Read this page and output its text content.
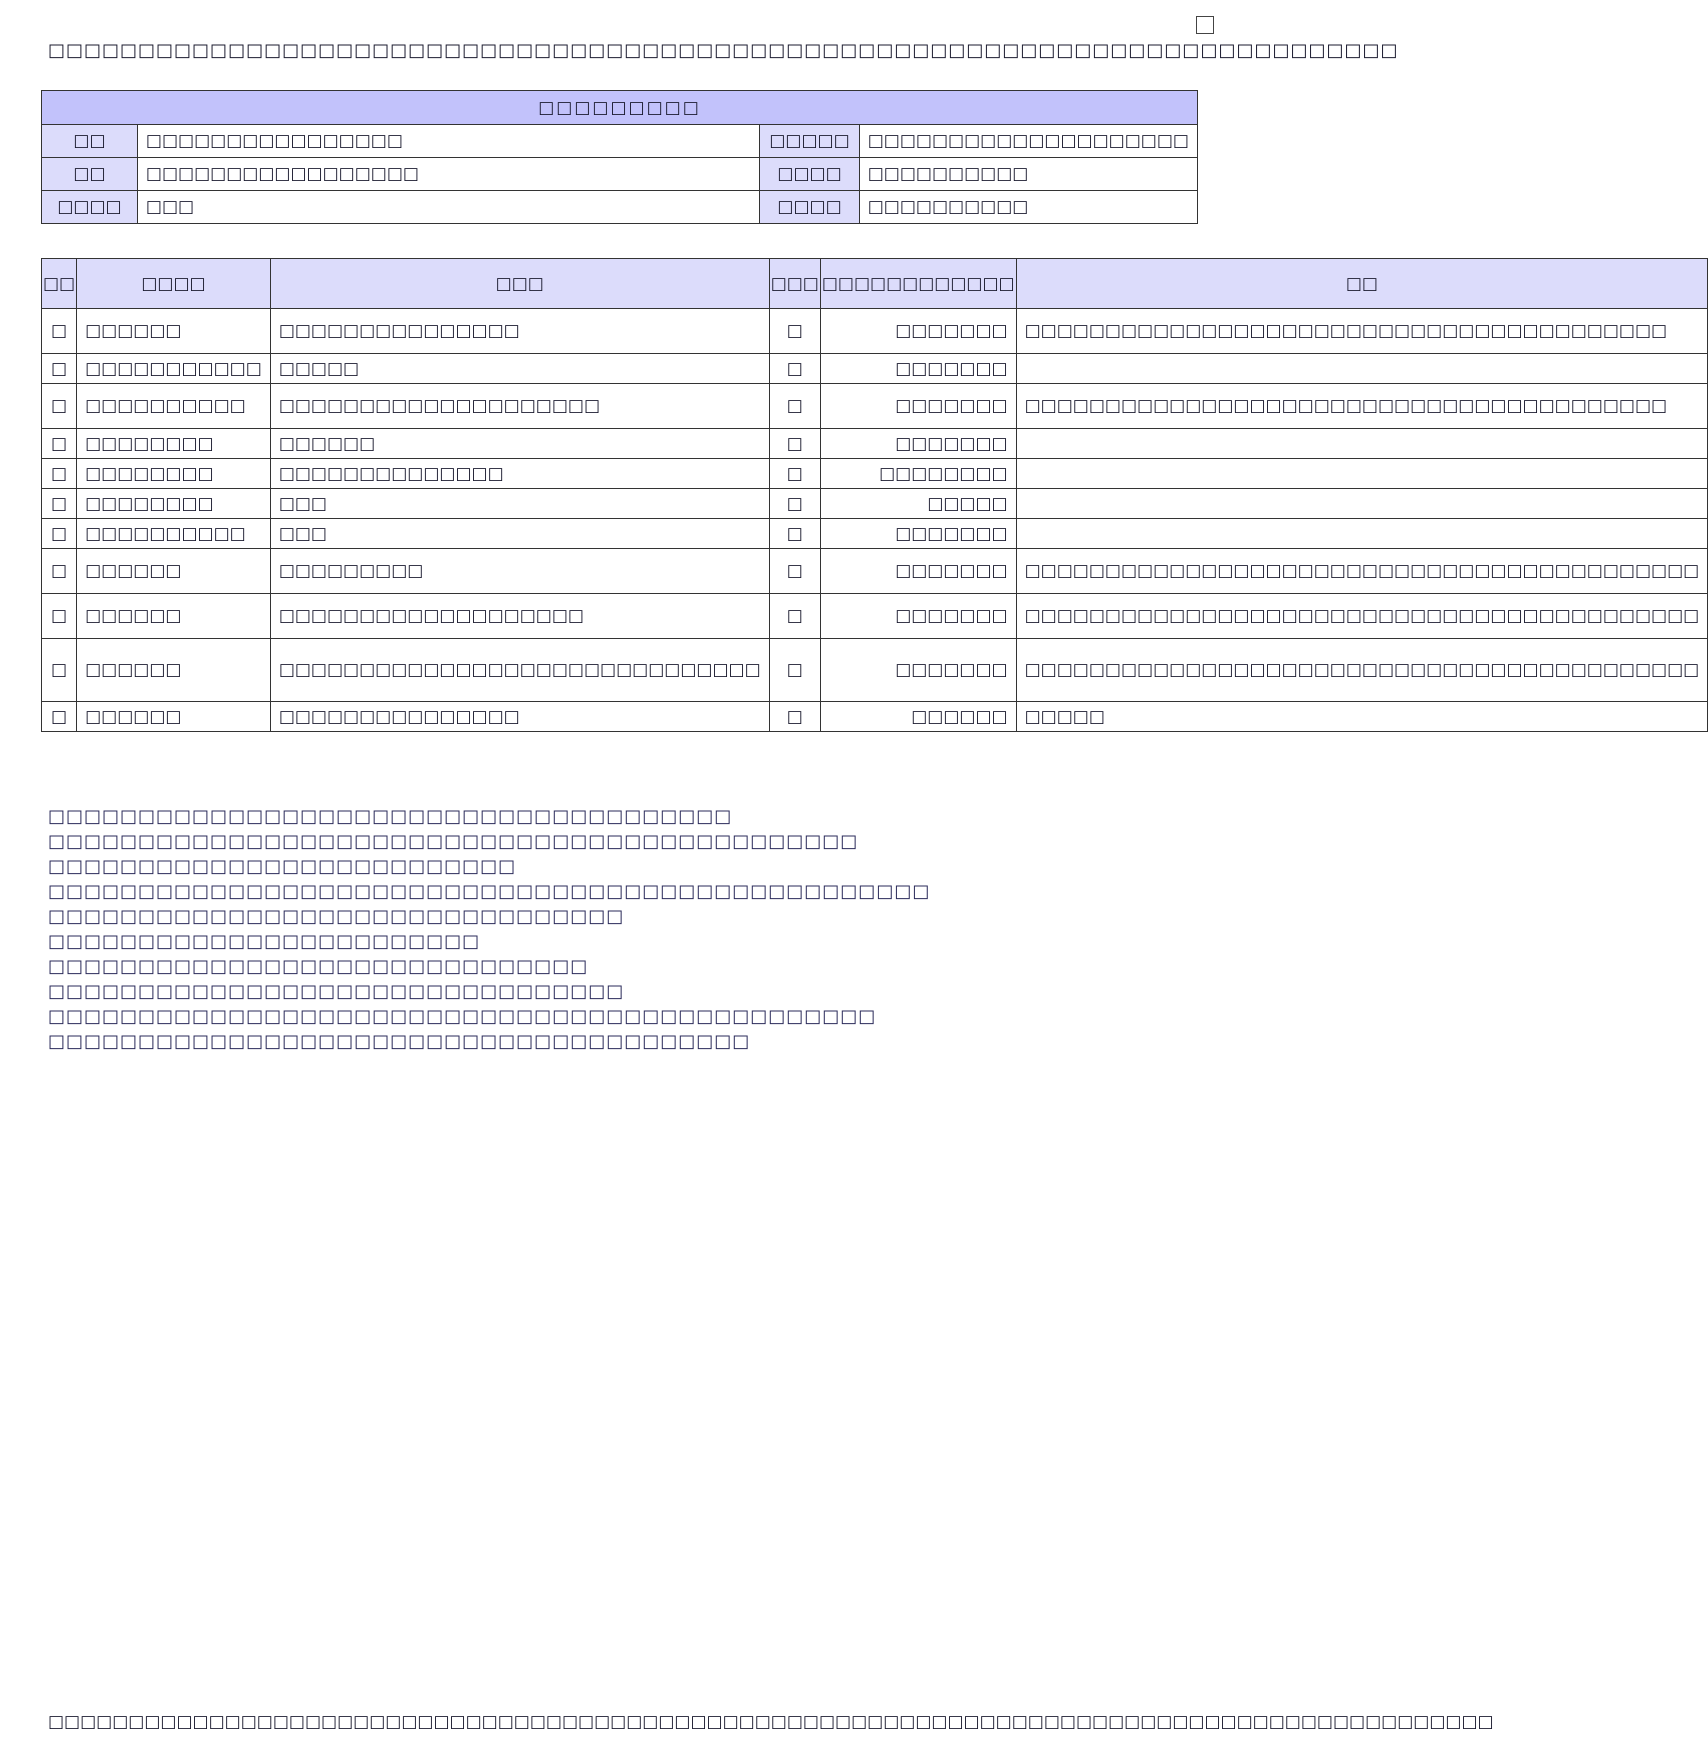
□□□□□□□□□□□□□□□□□□□□□□□□□□□□□□□□□□□□□□□□□□□□□□□□□□□□□□□□□□□□□□□□□□□□□□□□□□□
□□□□□□□□□			
□□	□□□□□□□□□□□□□□□□	□□□□□	□□□□□□□□□□□□□□□□□□□□
□□	□□□□□□□□□□□□□□□□□	□□□□	□□□□□□□□□□
□□□□	□□□	□□□□	□□□□□□□□□□
□□	□□□□	□□□	□□□	□□□□□□□□□□□□	□□
□	□□□□□□	□□□□□□□□□□□□□□□	□	□□□□□□□	□□□□□□□□□□□□□□□□□□□□□□□□□□□□□□□□□□□□□□□□
□	□□□□□□□□□□□	□□□□□	□	□□□□□□□	
□	□□□□□□□□□□	□□□□□□□□□□□□□□□□□□□□	□	□□□□□□□	□□□□□□□□□□□□□□□□□□□□□□□□□□□□□□□□□□□□□□□□
□	□□□□□□□□	□□□□□□	□	□□□□□□□	
□	□□□□□□□□	□□□□□□□□□□□□□□	□	□□□□□□□□	
□	□□□□□□□□	□□□	□	□□□□□	
□	□□□□□□□□□□	□□□	□	□□□□□□□	
□	□□□□□□	□□□□□□□□□	□	□□□□□□□	□□□□□□□□□□□□□□□□□□□□□□□□□□□□□□□□□□□□□□□□□□
□	□□□□□□	□□□□□□□□□□□□□□□□□□□	□	□□□□□□□	□□□□□□□□□□□□□□□□□□□□□□□□□□□□□□□□□□□□□□□□□□
□	□□□□□□	□□□□□□□□□□□□□□□□□□□□□□□□□□□□□□	□	□□□□□□□	□□□□□□□□□□□□□□□□□□□□□□□□□□□□□□□□□□□□□□□□□□
□	□□□□□□	□□□□□□□□□□□□□□□	□	□□□□□□	□□□□□
□□□□□□□□□□□□□□□□□□□□□□□□□□□□□□□□□□□□□□
□□□□□□□□□□□□□□□□□□□□□□□□□□□□□□□□□□□□□□□□□□□□□
□□□□□□□□□□□□□□□□□□□□□□□□□□
□□□□□□□□□□□□□□□□□□□□□□□□□□□□□□□□□□□□□□□□□□□□□□□□□
□□□□□□□□□□□□□□□□□□□□□□□□□□□□□□□□
□□□□□□□□□□□□□□□□□□□□□□□□
□□□□□□□□□□□□□□□□□□□□□□□□□□□□□□
□□□□□□□□□□□□□□□□□□□□□□□□□□□□□□□□
□□□□□□□□□□□□□□□□□□□□□□□□□□□□□□□□□□□□□□□□□□□□□□
□□□□□□□□□□□□□□□□□□□□□□□□□□□□□□□□□□□□□□□
□□□□□□□□□□□□□□□□□□□□□□□□□□□□□□□□□□□□□□□□□□□□□□□□□□□□□□□□□□□□□□□□□□□□□□□□□□□□□□□□□□□□□□□□□□
